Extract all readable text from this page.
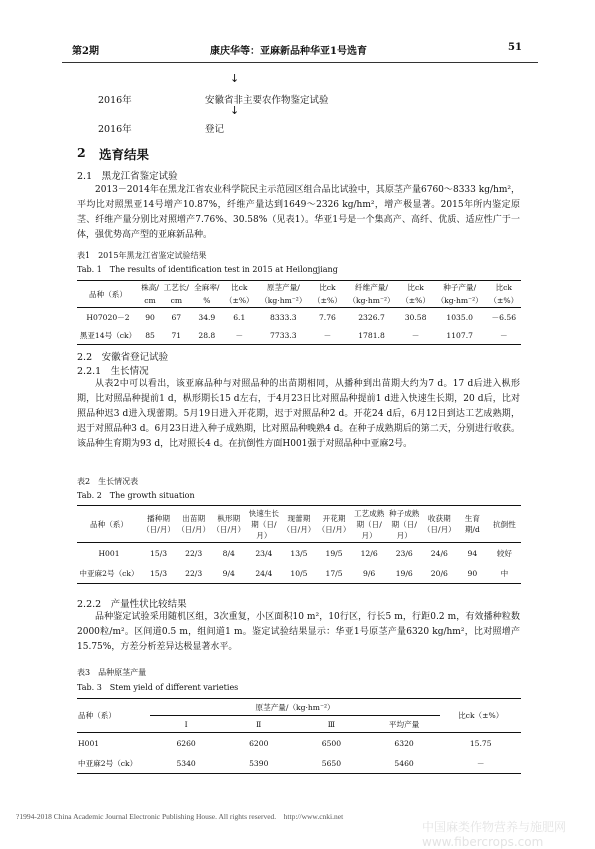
第2期	康庆华等：亚麻新品种华亚1号选育	51
↓
2016年	安徽省非主要农作物鉴定试验
↓
2016年	登记
2 选育结果
2.1　黑龙江省鉴定试验
2013－2014年在黑龙江省农业科学院民主示范园区组合品比试验中，其原茎产量6760～8333 kg/hm²，平均比对照黑亚14号增产10.87%，纤维产量达到1649～2326 kg/hm²，增产极显著。2015年所内鉴定原茎、纤维产量分别比对照增产7.76%、30.58%（见表1）。华亚1号是一个集高产、高纤、优质、适应性广于一体，强优势高产型的亚麻新品种。
表1　2015年黑龙江省鉴定试验结果
Tab. 1　The results of identification test in 2015 at Heilongjiang
品种（系）	株高/	工艺长/	全麻率/	比ck	原茎产量/	比ck	纤维产量/	比ck	种子产量/	比ck
	cm	cm	%	（±%）	（kg·hm⁻²）	（±%）	（kg·hm⁻²）	（±%）	（kg·hm⁻²）	（±%）
H07020－2	90	67	34.9	6.1	8333.3	7.76	2326.7	30.58	1035.0	－6.56
黑亚14号（ck）	85	71	28.8	－	7733.3	－	1781.8	－	1107.7	－
2.2　安徽省登记试验
2.2.1　生长情况
从表2中可以看出，该亚麻品种与对照品种的出苗期相同，从播种到出苗期大约为7 d。17 d后进入枞形期，比对照品种提前1 d，枞形期长15 d左右，于4月23日比对照品种提前1 d进入快速生长期，20 d后，比对照品种迟3 d进入现蕾期。5月19日进入开花期，迟于对照品种2 d。开花24 d后，6月12日到达工艺成熟期，迟于对照品种3 d。6月23日进入种子成熟期，比对照品种晚熟4 d。在种子成熟期后的第二天，分别进行收获。该品种生育期为93 d，比对照长4 d。在抗倒性方面H001强于对照品种中亚麻2号。
表2　生长情况表
Tab. 2　The growth situation
品种（系）	播种期（日/月）	出苗期（日/月）	枞形期（日/月）	快速生长期（日/月）	现蕾期（日/月）	开花期（日/月）	工艺成熟期（日/月）	种子成熟期（日/月）	收获期（日/月）	生育期/d	抗倒性
H001	15/3	22/3	8/4	23/4	13/5	19/5	12/6	23/6	24/6	94	较好
中亚麻2号（ck）	15/3	22/3	9/4	24/4	10/5	17/5	9/6	19/6	20/6	90	中
2.2.2　产量性状比较结果
品种鉴定试验采用随机区组，3次重复，小区面积10 m²，10行区，行长5 m，行距0.2 m，有效播种粒数2000粒/m²。区间道0.5 m，组间道1 m。鉴定试验结果显示：华亚1号原茎产量6320 kg/hm²，比对照增产15.75%，方差分析差异达极显著水平。
表3　品种原茎产量
Tab. 3　Stem yield of different varieties
品种（系）	原茎产量/（kg·hm⁻²）				比ck（±%）
	Ⅰ	Ⅱ	Ⅲ	平均产量	
H001	6260	6200	6500	6320	15.75
中亚麻2号（ck）	5340	5390	5650	5460	－
?1994-2018 China Academic Journal Electronic Publishing House. All rights reserved.　http://www.cnki.net
中国麻类作物营养与施肥网 www.fibercrops.com
